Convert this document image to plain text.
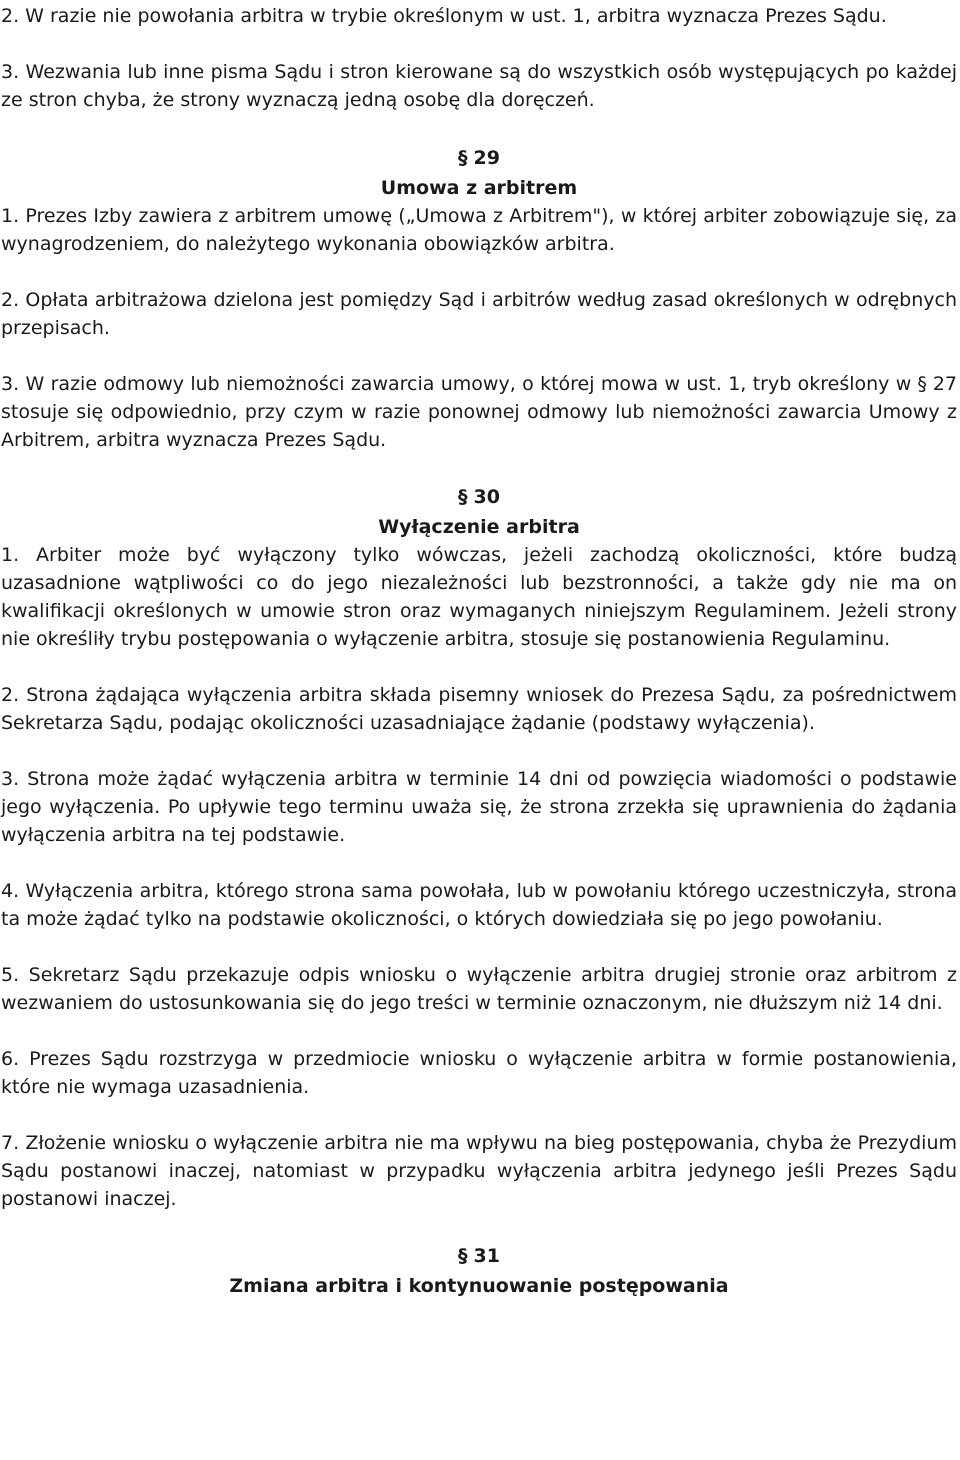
2. W razie nie powołania arbitra w trybie określonym w ust. 1, arbitra wyznacza Prezes Sądu.

3. Wezwania lub inne pisma Sądu i stron kierowane są do wszystkich osób występujących po każdej ze stron chyba, że strony wyznaczą jedną osobę dla doręczeń.

§ 29
Umowa z arbitrem

1. Prezes Izby zawiera z arbitrem umowę („Umowa z Arbitrem"), w której arbiter zobowiązuje się, za wynagrodzeniem, do należytego wykonania obowiązków arbitra.

2. Opłata arbitrażowa dzielona jest pomiędzy Sąd i arbitrów według zasad określonych w odrębnych przepisach.

3. W razie odmowy lub niemożności zawarcia umowy, o której mowa w ust. 1, tryb określony w § 27 stosuje się odpowiednio, przy czym w razie ponownej odmowy lub niemożności zawarcia Umowy z Arbitrem, arbitra wyznacza Prezes Sądu.

§ 30
Wyłączenie arbitra

1. Arbiter może być wyłączony tylko wówczas, jeżeli zachodzą okoliczności, które budzą uzasadnione wątpliwości co do jego niezależności lub bezstronności, a także gdy nie ma on kwalifikacji określonych w umowie stron oraz wymaganych niniejszym Regulaminem. Jeżeli strony nie określiły trybu postępowania o wyłączenie arbitra, stosuje się postanowienia Regulaminu.

2. Strona żądająca wyłączenia arbitra składa pisemny wniosek do Prezesa Sądu, za pośrednictwem Sekretarza Sądu, podając okoliczności uzasadniające żądanie (podstawy wyłączenia).

3. Strona może żądać wyłączenia arbitra w terminie 14 dni od powzięcia wiadomości o podstawie jego wyłączenia. Po upływie tego terminu uważa się, że strona zrzekła się uprawnienia do żądania wyłączenia arbitra na tej podstawie.

4. Wyłączenia arbitra, którego strona sama powołała, lub w powołaniu którego uczestniczyła, strona ta może żądać tylko na podstawie okoliczności, o których dowiedziała się po jego powołaniu.

5. Sekretarz Sądu przekazuje odpis wniosku o wyłączenie arbitra drugiej stronie oraz arbitrom z wezwaniem do ustosunkowania się do jego treści w terminie oznaczonym, nie dłuższym niż 14 dni.

6. Prezes Sądu rozstrzyga w przedmiocie wniosku o wyłączenie arbitra w formie postanowienia, które nie wymaga uzasadnienia.

7. Złożenie wniosku o wyłączenie arbitra nie ma wpływu na bieg postępowania, chyba że Prezydium Sądu postanowi inaczej, natomiast w przypadku wyłączenia arbitra jedynego jeśli Prezes Sądu postanowi inaczej.

§ 31
Zmiana arbitra i kontynuowanie postępowania
